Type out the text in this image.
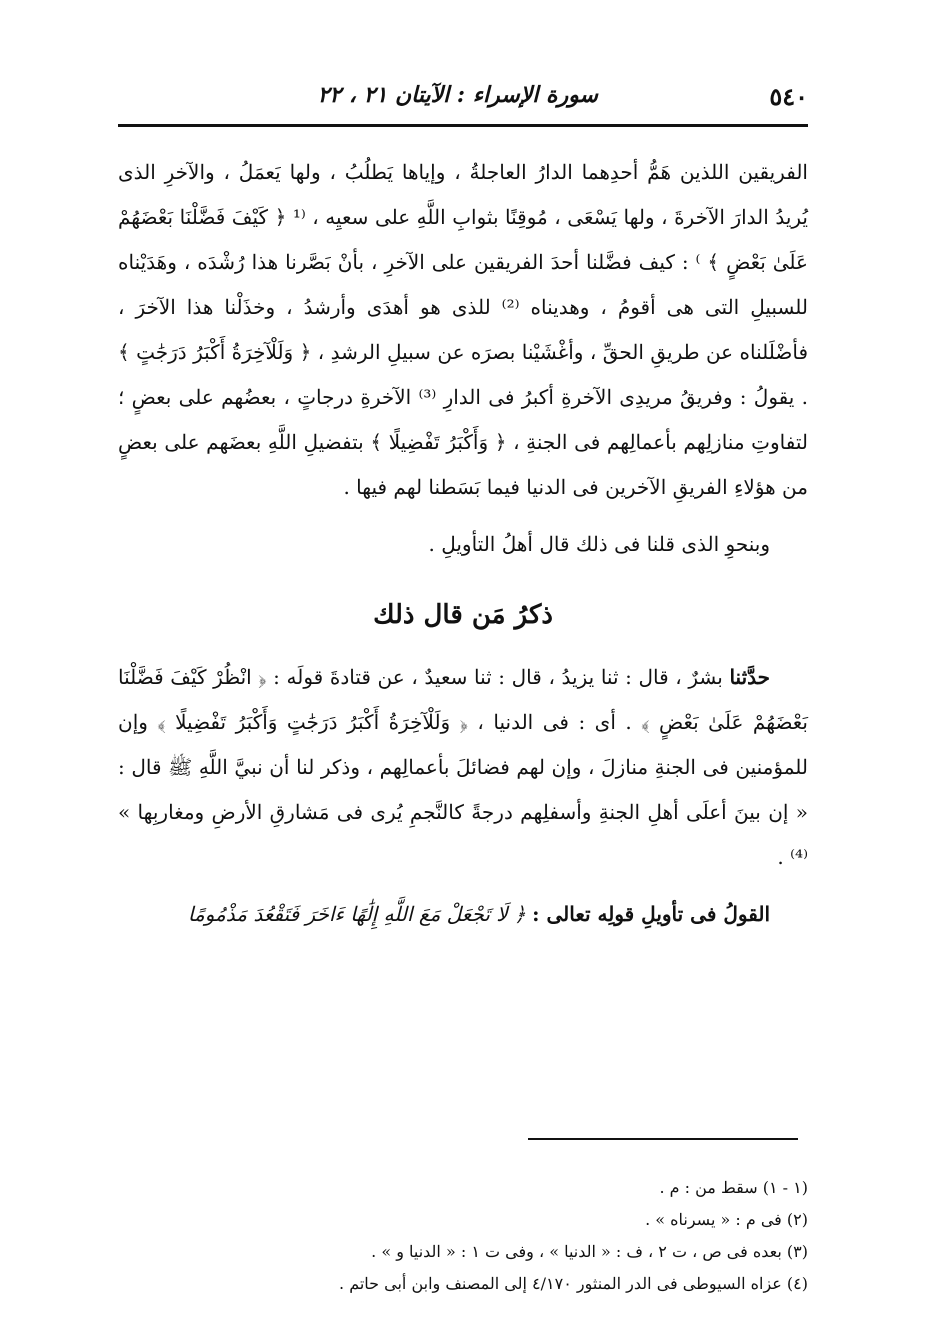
٥٤٠
سورة الإسراء : الآيتان ٢١ ، ٢٢

الفريقين اللذين هَمُّ أحدِهما الدارُ العاجلةُ ، وإياها يَطلُبُ ، ولها يَعمَلُ ، والآخرِ الذى يُريدُ الدارَ الآخرةَ ، ولها يَسْعَى ، مُوقِنًا بثوابِ اللَّهِ على سعيِه ، ⁽¹ ﴿ كَيْفَ فَضَّلْنَا بَعْضَهُمْ عَلَىٰ بَعْضٍ ﴾ ⁾ : كيف فضَّلنا أحدَ الفريقين على الآخرِ ، بأنْ بَصَّرنا هذا رُشْدَه ، وهَدَيْناه للسبيلِ التى هى أقومُ ، وهديناه ⁽²⁾ للذى هو أهدَى وأرشدُ ، وخذَلْنا هذا الآخرَ ، فأضْلَلناه عن طريقِ الحقِّ ، وأغْشَيْنا بصرَه عن سبيلِ الرشدِ ، ﴿ وَلَلْآخِرَةُ أَكْبَرُ دَرَجَٰتٍ ﴾ . يقولُ : وفريقُ مريدِى الآخرةِ أكبرُ فى الدارِ ⁽³⁾ الآخرةِ درجاتٍ ، بعضُهم على بعضٍ ؛ لتفاوتِ منازلِهم بأعمالِهم فى الجنةِ ، ﴿ وَأَكْبَرُ تَفْضِيلًا ﴾ بتفضيلِ اللَّهِ بعضَهم على بعضٍ من هؤلاءِ الفريقِ الآخرين فى الدنيا فيما بَسَطنا لهم فيها .

وبنحوِ الذى قلنا فى ذلك قال أهلُ التأويلِ .

ذكرُ مَن قال ذلك

حدَّثنا بشرٌ ، قال : ثنا يزيدُ ، قال : ثنا سعيدٌ ، عن قتادةَ قولَه : ﴿ انْظُرْ كَيْفَ فَضَّلْنَا بَعْضَهُمْ عَلَىٰ بَعْضٍ ﴾ . أى : فى الدنيا ، ﴿ وَلَلْآخِرَةُ أَكْبَرُ دَرَجَٰتٍ وَأَكْبَرُ تَفْضِيلًا ﴾ وإن للمؤمنين فى الجنةِ منازلَ ، وإن لهم فضائلَ بأعمالِهم ، وذكر لنا أن نبيَّ اللَّهِ ﷺ قال : « إن بينَ أعلَى أهلِ الجنةِ وأسفلِهم درجةً كالنَّجمِ يُرى فى مَشارقِ الأرضِ ومغاربِها » ⁽⁴⁾ .

القولُ فى تأويلِ قولِه تعالى : ﴿ لَا تَجْعَلْ مَعَ اللَّهِ إِلَٰهًا ءَاخَرَ فَتَقْعُدَ مَذْمُومًا

(١ - ١) سقط من : م .

(٢) فى م : « يسرناه » .

(٣) بعده فى ص ، ت ٢ ، ف : « الدنيا » ، وفى ت ١ : « الدنيا و » .

(٤) عزاه السيوطى فى الدر المنثور ٤/١٧٠ إلى المصنف وابن أبى حاتم .
